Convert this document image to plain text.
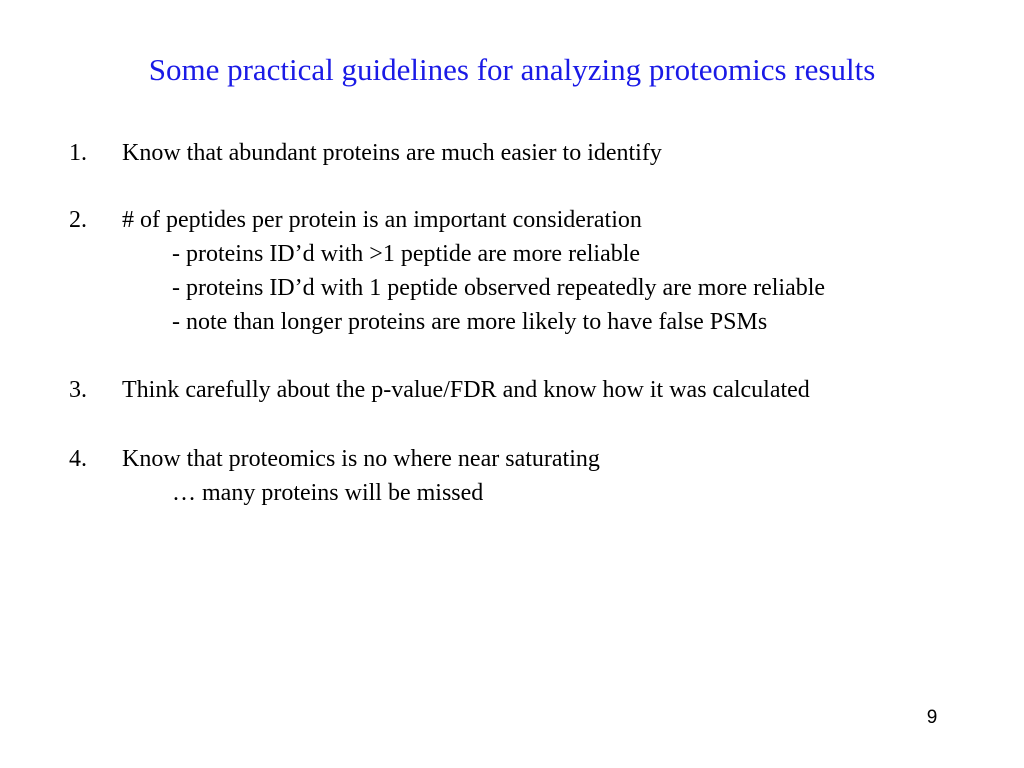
Some practical guidelines for analyzing proteomics results
1. Know that abundant proteins are much easier to identify
2. # of peptides per protein is an important consideration
- proteins ID’d with >1 peptide are more reliable
- proteins ID’d with 1 peptide observed repeatedly are more reliable
- note than longer proteins are more likely to have false PSMs
3. Think carefully about the p-value/FDR and know how it was calculated
4. Know that proteomics is no where near saturating
… many proteins will be missed
9
